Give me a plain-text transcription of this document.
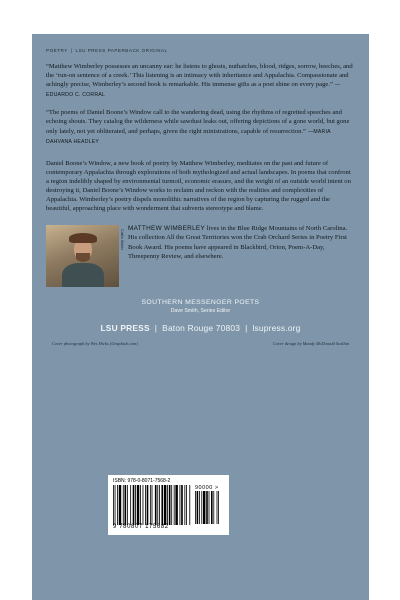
POETRY | LSU PRESS PAPERBACK ORIGINAL

“Matthew Wimberley possesses an uncanny ear: he listens to ghosts, nuthatches, blood, ridges, sorrow, beeches, and the ‘run-on sentence of a creek.’ This listening is an intimacy with inheritance and Appalachia. Compassionate and achingly precise, Wimberley’s second book is remarkable. His immense gifts as a poet shine on every page.” —EDUARDO C. CORRAL

“The poems of Daniel Boone’s Window call to the wandering dead, using the rhythms of regretted speeches and echoing shouts. They catalog the wilderness while sawdust leaks out, offering depictions of a gone world, but gone only lately, not yet obliterated, and perhaps, given the right ministrations, capable of resurrection.” —MARIA DAHVANA HEADLEY

Daniel Boone’s Window, a new book of poetry by Matthew Wimberley, meditates on the past and future of contemporary Appalachia through explorations of both mythologized and actual landscapes. In poems that confront a region indelibly shaped by environmental turmoil, economic erasure, and the weight of an outside world intent on destroying it, Daniel Boone’s Window works to reclaim and reckon with the realities and complexities of Appalachia. Wimberley’s poetry dispels monolithic narratives of the region by capturing the rugged and the beautiful, approaching place with wonderment that subverts stereotype and blame.

Caitlin Waller

MATTHEW WIMBERLEY lives in the Blue Ridge Mountains of North Carolina. His collection All the Great Territories won the Crab Orchard Series in Poetry First Book Award. His poems have appeared in Blackbird, Orion, Poem-A-Day, Threepenny Review, and elsewhere.

SOUTHERN MESSENGER POETS
Dave Smith, Series Editor
LSU PRESS | Baton Rouge 70803 | lsupress.org
Cover photograph by Wes Hicks (Unsplash.com)	Cover design by Mandy McDonald Scallan
ISBN: 978-0-8071-7568-2
90000 >
9 780807 175682
